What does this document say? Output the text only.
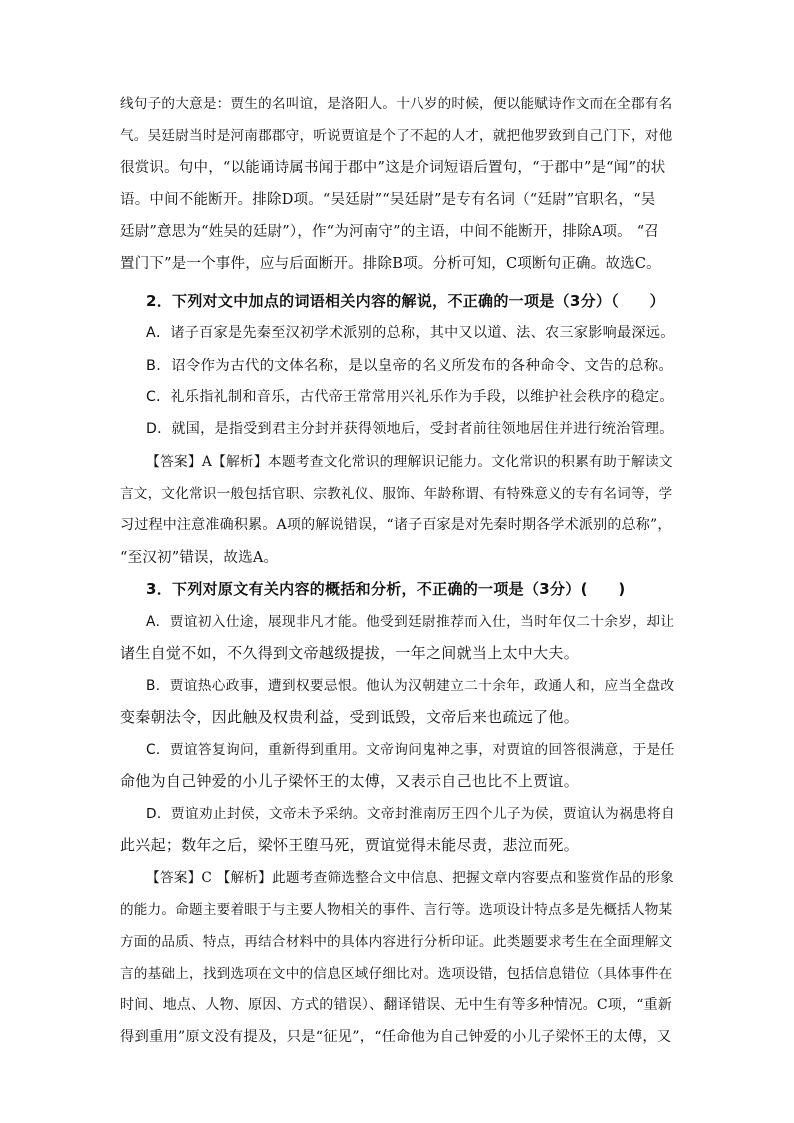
线句子的大意是：贾生的名叫谊，是洛阳人。十八岁的时候，便以能赋诗作文而在全郡有名
气。吴廷尉当时是河南郡郡守，听说贾谊是个了不起的人才，就把他罗致到自己门下，对他
很赏识。句中，“以能诵诗属书闻于郡中”这是介词短语后置句，“于郡中”是“闻”的状
语。中间不能断开。排除D项。“吴廷尉”“吴廷尉”是专有名词（“廷尉”官职名，“吴
廷尉”意思为“姓吴的廷尉”），作“为河南守”的主语，中间不能断开，排除A项。 “召
置门下”是一个事件，应与后面断开。排除B项。分析可知，C项断句正确。故选C。
2．下列对文中加点的词语相关内容的解说，不正确的一项是（3分）（　　）
A．诸子百家是先秦至汉初学术派别的总称，其中又以道、法、农三家影响最深远。
B．诏令作为古代的文体名称，是以皇帝的名义所发布的各种命令、文告的总称。
C．礼乐指礼制和音乐，古代帝王常常用兴礼乐作为手段，以维护社会秩序的稳定。
D．就国，是指受到君主分封并获得领地后，受封者前往领地居住并进行统治管理。
【答案】A【解析】本题考查文化常识的理解识记能力。文化常识的积累有助于解读文
言文，文化常识一般包括官职、宗教礼仪、服饰、年龄称谓、有特殊意义的专有名词等，学
习过程中注意准确积累。A项的解说错误，“诸子百家是对先秦时期各学术派别的总称”，
“至汉初”错误，故选A。
3．下列对原文有关内容的概括和分析，不正确的一项是（3分）(　　)
A．贾谊初入仕途，展现非凡才能。他受到廷尉推荐而入仕，当时年仅二十余岁，却让
诸生自觉不如，不久得到文帝越级提拔，一年之间就当上太中大夫。
B．贾谊热心政事，遭到权要忌恨。他认为汉朝建立二十余年，政通人和，应当全盘改
变秦朝法令，因此触及权贵利益，受到诋毁，文帝后来也疏远了他。
C．贾谊答复询问，重新得到重用。文帝询问鬼神之事，对贾谊的回答很满意，于是任
命他为自己钟爱的小儿子梁怀王的太傅，又表示自己也比不上贾谊。
D．贾谊劝止封侯，文帝未予采纳。文帝封淮南厉王四个儿子为侯，贾谊认为祸患将自
此兴起；数年之后，梁怀王堕马死，贾谊觉得未能尽责，悲泣而死。
【答案】C 【解析】此题考查筛选整合文中信息、把握文章内容要点和鉴赏作品的形象
的能力。命题主要着眼于与主要人物相关的事件、言行等。选项设计特点多是先概括人物某
方面的品质、特点，再结合材料中的具体内容进行分析印证。此类题要求考生在全面理解文
言的基础上，找到选项在文中的信息区域仔细比对。选项设错，包括信息错位（具体事件在
时间、地点、人物、原因、方式的错误）、翻译错误、无中生有等多种情况。C项，“重新
得到重用”原文没有提及，只是“征见”，“任命他为自己钟爱的小儿子梁怀王的太傅，又
